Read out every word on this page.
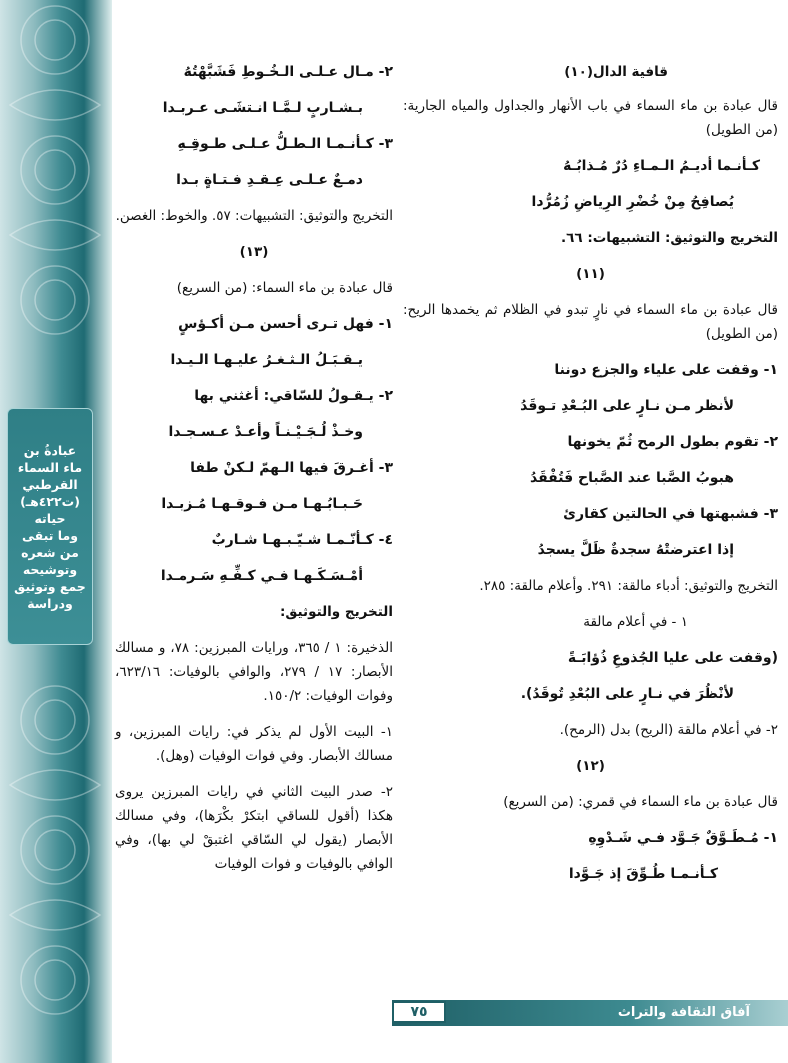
عبادةُ بن
ماء السماء
القرطبي
(ت٤٢٢هـ)
حياته
وما تبقى
من شعره
وتوشيحه
جمع وتوثيق
ودراسة
قافية الدال(١٠)

قال عبادة بن ماء السماء في باب الأنهار والجداول والمياه الجارية: (من الطويل)

كـأنـما أديـمُ الـمـاءِ دُرٌ مُـذابُـهُ

يُصافِحُ مِنْ خُضْرِ الرِياضِ زُمُرُّدا

التخريج والتوثيق: التشبيهات: ٦٦.

(١١)

قال عبادة بن ماء السماء في نارٍ تبدو في الظلام ثم يخمدها الريح: (من الطويل)

١- وقفت على علياء والجزع دوننا

لأنظر مـن نـارٍ على البُـعْدِ تـوقَدُ

٢- تقوم بطول الرمح ثُمّ يخونها

هبوبُ الصَّبا عند الصَّباح فَتُفْقَدُ

٣- فشبهتها في الحالتين كقارئ

إذا اعترضتْهُ سجدةٌ ظَلَّ يسجدُ

التخريج والتوثيق: أدباء مالقة: ٢٩١. وأعلام مالقة: ٢٨٥.

١ - في أعلام مالقة

(وقفت على عليا الجُذوعِ ذُؤابَـةً

لأنْظُرَ في نـارٍ على البُعْدِ تُوقَدُ).

٢- في أعلام مالقة (الريح) بدل (الرمح).

(١٢)

قال عبادة بن ماء السماء في قمري: (من السريع)

١- مُـطَـوَّقٌ جَـوَّد فـي شَـدْوِهِ

كـأنـمـا طُـوِّقَ إذ جَـوَّدا

٢- مـال عـلـى الـخُـوطِ فَشَبَّهْتُهُ

بـشـاربٍ لـمَّـا انـتشَـى عـربـدا

٣- كـأنـمـا الـطـلُّ عـلـى طـوقِـهِ

دمـعٌ عـلـى عِـقـدِ فـتـاةٍ بـدا

التخريج والتوثيق: التشبيهات: ٥٧. والخوط: الغصن.

(١٣)

قال عبادة بن ماء السماء: (من السريع)

١- فهل تـرى أحسن مـن أكـؤسٍ

يـقـبَـلُ الـثـغـرُ عليـهـا الـيـدا

٢- يـقـولُ للسّاقي: أغثني بها

وخـذْ لُـجَـيْـنـاً وأعـدْ عـسـجـدا

٣- أغـرقَ فيها الـهمّ لـكنْ طفا

حَـبـابُـهـا مـن فـوقـهـا مُـزبـدا

٤- كـأنّـمـا شـيّـبـهـا شـاربٌ

أمْـسَـكَـهـا فـي كـفِّـهِ سَـرمـدا

التخريج والتوثيق:

الذخيرة: ١ / ٣٦٥، ورايات المبرزين: ٧٨، و مسالك الأبصار: ١٧ / ٢٧٩، والوافي بالوفيات: ٦٢٣/١٦، وفوات الوفيات: ١٥٠/٢.

١- البيت الأول لم يذكر في: رايات المبرزين، و مسالك الأبصار. وفي فوات الوفيات (وهل).

٢- صدر البيت الثاني في رايات المبرزين يروى هكذا (أقول للساقي ابتكرْ بكْرَها)، وفي مسالك الأبصار (يقول لي السّاقي اغتبقْ لي بها)، وفي الوافي بالوفيات و فوات الوفيات

آفاق الثقافة والتراث
٧٥
